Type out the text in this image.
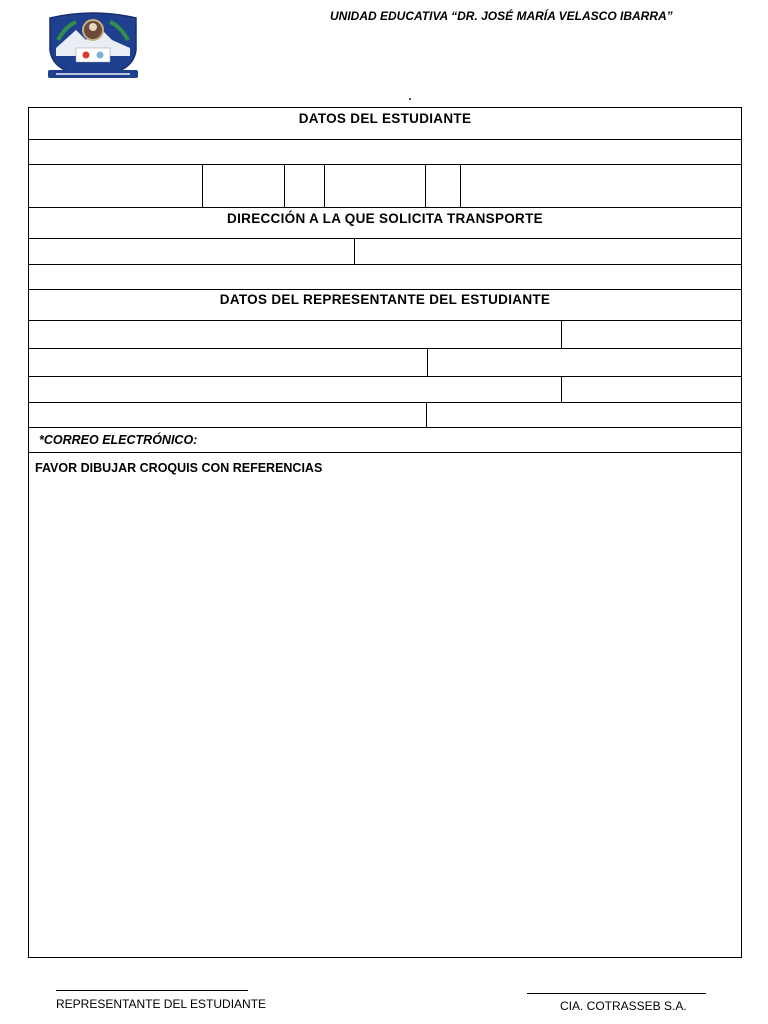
UNIDAD EDUCATIVA “DR. JOSÉ MARÍA VELASCO IBARRA”
DATOS DEL ESTUDIANTE
DIRECCIÓN A LA QUE SOLICITA TRANSPORTE
DATOS DEL REPRESENTANTE DEL ESTUDIANTE
*CORREO ELECTRÓNICO:
FAVOR DIBUJAR CROQUIS CON REFERENCIAS
REPRESENTANTE DEL ESTUDIANTE	CIA. COTRASSEB S.A.
